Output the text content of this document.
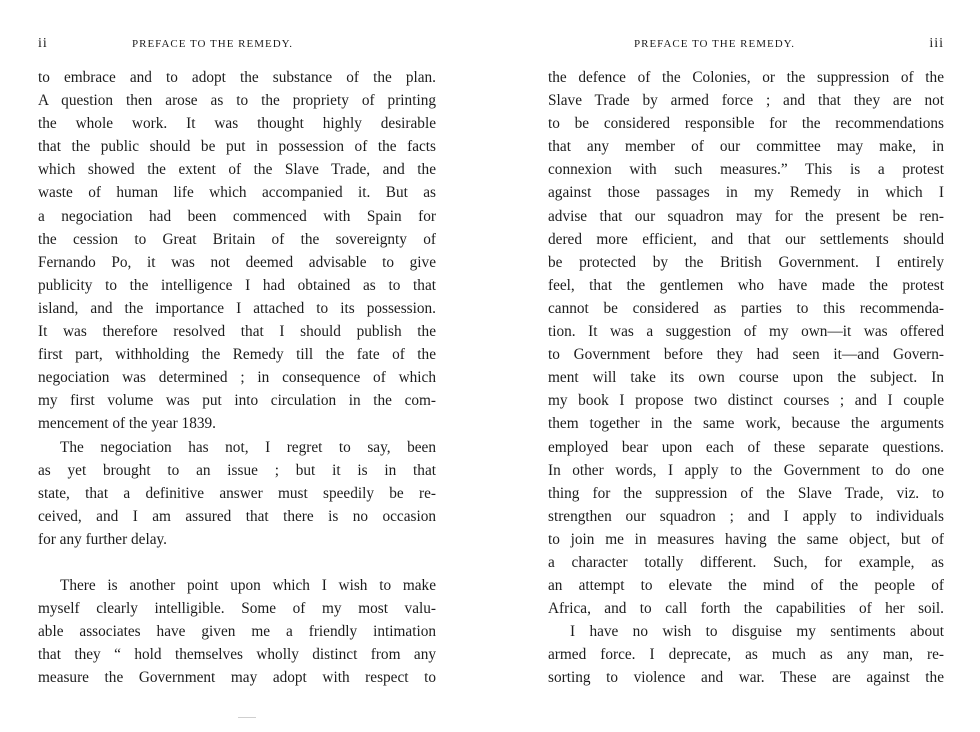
ii	PREFACE TO THE REMEDY.
to embrace and to adopt the substance of the plan.
A question then arose as to the propriety of printing
the whole work. It was thought highly desirable
that the public should be put in possession of the facts
which showed the extent of the Slave Trade, and the
waste of human life which accompanied it. But as
a negociation had been commenced with Spain for
the cession to Great Britain of the sovereignty of
Fernando Po, it was not deemed advisable to give
publicity to the intelligence I had obtained as to that
island, and the importance I attached to its possession.
It was therefore resolved that I should publish the
first part, withholding the Remedy till the fate of the
negociation was determined ; in consequence of which
my first volume was put into circulation in the com-
mencement of the year 1839.
The negociation has not, I regret to say, been
as yet brought to an issue ; but it is in that
state, that a definitive answer must speedily be re-
ceived, and I am assured that there is no occasion
for any further delay.
There is another point upon which I wish to make
myself clearly intelligible. Some of my most valu-
able associates have given me a friendly intimation
that they “ hold themselves wholly distinct from any
measure the Government may adopt with respect to
PREFACE TO THE REMEDY.	iii
the defence of the Colonies, or the suppression of the
Slave Trade by armed force ; and that they are not
to be considered responsible for the recommendations
that any member of our committee may make, in
connexion with such measures.” This is a protest
against those passages in my Remedy in which I
advise that our squadron may for the present be ren-
dered more efficient, and that our settlements should
be protected by the British Government. I entirely
feel, that the gentlemen who have made the protest
cannot be considered as parties to this recommenda-
tion. It was a suggestion of my own—it was offered
to Government before they had seen it—and Govern-
ment will take its own course upon the subject. In
my book I propose two distinct courses ; and I couple
them together in the same work, because the arguments
employed bear upon each of these separate questions.
In other words, I apply to the Government to do one
thing for the suppression of the Slave Trade, viz. to
strengthen our squadron ; and I apply to individuals
to join me in measures having the same object, but of
a character totally different. Such, for example, as
an attempt to elevate the mind of the people of
Africa, and to call forth the capabilities of her soil.
I have no wish to disguise my sentiments about
armed force. I deprecate, as much as any man, re-
sorting to violence and war. These are against the
